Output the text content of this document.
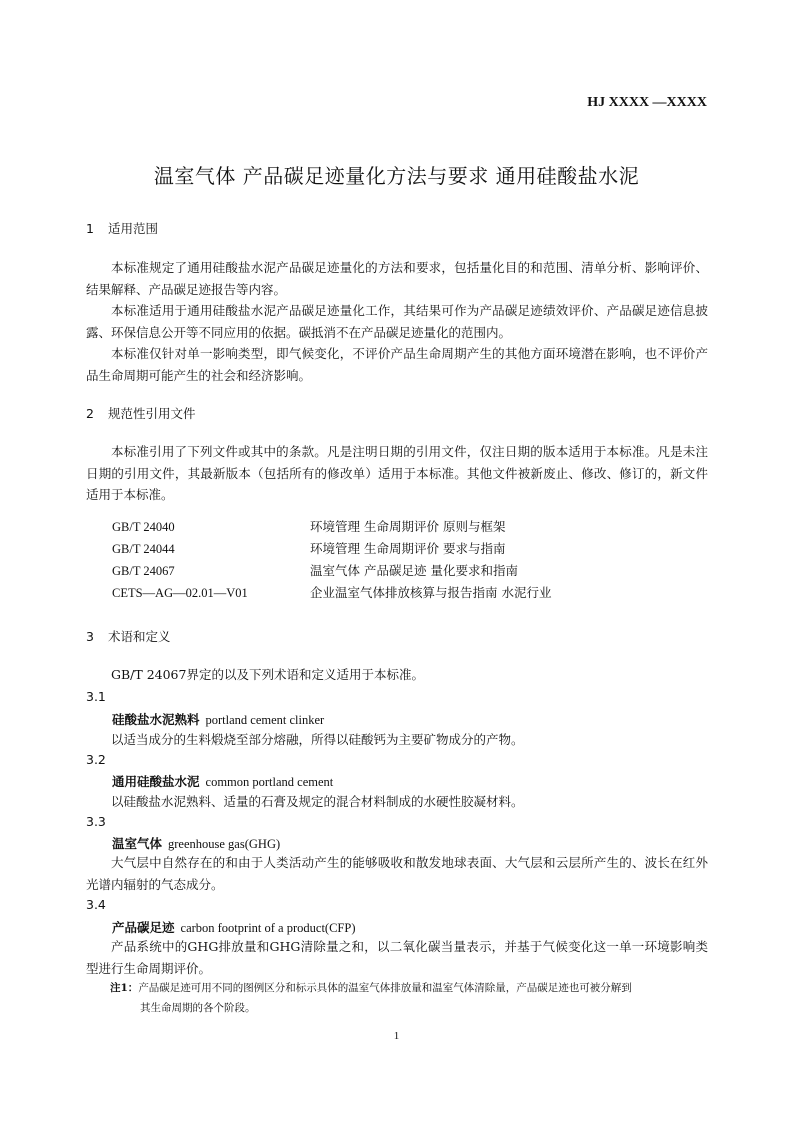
HJ XXXX —XXXX
温室气体 产品碳足迹量化方法与要求 通用硅酸盐水泥
1 适用范围
本标准规定了通用硅酸盐水泥产品碳足迹量化的方法和要求，包括量化目的和范围、清单分析、影响评价、结果解释、产品碳足迹报告等内容。
本标准适用于通用硅酸盐水泥产品碳足迹量化工作，其结果可作为产品碳足迹绩效评价、产品碳足迹信息披露、环保信息公开等不同应用的依据。碳抵消不在产品碳足迹量化的范围内。
本标准仅针对单一影响类型，即气候变化，不评价产品生命周期产生的其他方面环境潜在影响，也不评价产品生命周期可能产生的社会和经济影响。
2 规范性引用文件
本标准引用了下列文件或其中的条款。凡是注明日期的引用文件，仅注日期的版本适用于本标准。凡是未注日期的引用文件，其最新版本（包括所有的修改单）适用于本标准。其他文件被新废止、修改、修订的，新文件适用于本标准。
GB/T 24040	环境管理 生命周期评价 原则与框架
GB/T 24044	环境管理 生命周期评价 要求与指南
GB/T 24067	温室气体 产品碳足迹 量化要求和指南
CETS—AG—02.01—V01	企业温室气体排放核算与报告指南 水泥行业
3 术语和定义
GB/T 24067界定的以及下列术语和定义适用于本标准。
3.1
硅酸盐水泥熟料 portland cement clinker
以适当成分的生料煅烧至部分熔融，所得以硅酸钙为主要矿物成分的产物。
3.2
通用硅酸盐水泥 common portland cement
以硅酸盐水泥熟料、适量的石膏及规定的混合材料制成的水硬性胶凝材料。
3.3
温室气体 greenhouse gas(GHG)
大气层中自然存在的和由于人类活动产生的能够吸收和散发地球表面、大气层和云层所产生的、波长在红外光谱内辐射的气态成分。
3.4
产品碳足迹 carbon footprint of a product(CFP)
产品系统中的GHG排放量和GHG清除量之和，以二氧化碳当量表示，并基于气候变化这一单一环境影响类型进行生命周期评价。
注1：产品碳足迹可用不同的图例区分和标示具体的温室气体排放量和温室气体清除量，产品碳足迹也可被分解到
其生命周期的各个阶段。
1
